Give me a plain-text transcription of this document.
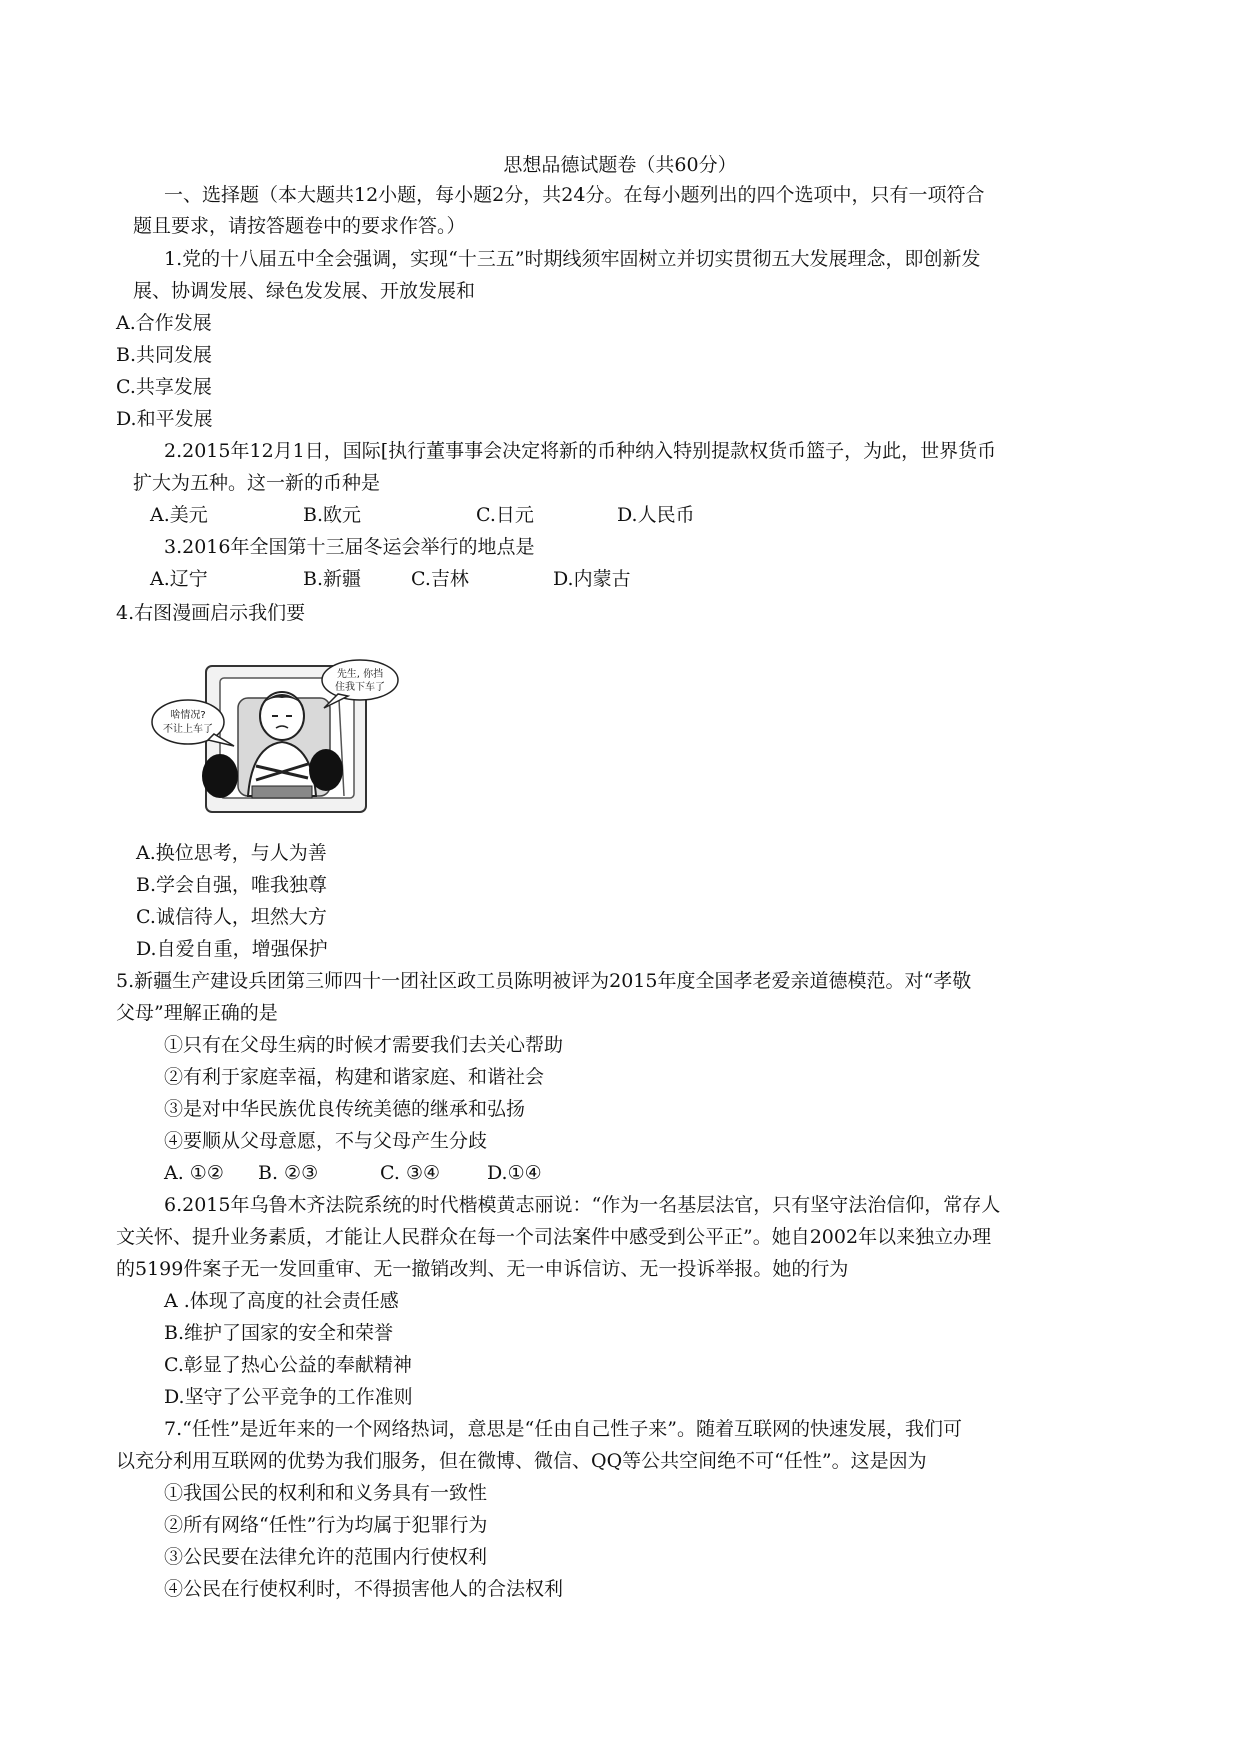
思想品德试题卷（共60分）
一、选择题（本大题共12小题，每小题2分，共24分。在每小题列出的四个选项中，只有一项符合
题且要求，请按答题卷中的要求作答。）
1.党的十八届五中全会强调，实现“十三五”时期线须牢固树立并切实贯彻五大发展理念，即创新发
展、协调发展、绿色发发展、开放发展和
A.合作发展
B.共同发展
C.共享发展
D.和平发展
2.2015年12月1日，国际[执行董事事会决定将新的币种纳入特别提款权货币篮子，为此，世界货币
扩大为五种。这一新的币种是
A.美元	B.欧元	C.日元	D.人民币
3.2016年全国第十三届冬运会举行的地点是
A.辽宁	B.新疆	C.吉林	D.内蒙古
4.右图漫画启示我们要
啥情况?
不让上车了
先生, 你挡
住我下车了
A.换位思考，与人为善
B.学会自强，唯我独尊
C.诚信待人，坦然大方
D.自爱自重，增强保护
5.新疆生产建设兵团第三师四十一团社区政工员陈明被评为2015年度全国孝老爱亲道德模范。对“孝敬
父母”理解正确的是
①只有在父母生病的时候才需要我们去关心帮助
②有利于家庭幸福，构建和谐家庭、和谐社会
③是对中华民族优良传统美德的继承和弘扬
④要顺从父母意愿，不与父母产生分歧
A. ①② B. ②③	C. ③④ D.①④
6.2015年乌鲁木齐法院系统的时代楷模黄志丽说：“作为一名基层法官，只有坚守法治信仰，常存人
文关怀、提升业务素质，才能让人民群众在每一个司法案件中感受到公平正”。她自2002年以来独立办理
的5199件案子无一发回重审、无一撤销改判、无一申诉信访、无一投诉举报。她的行为
A .体现了高度的社会责任感
B.维护了国家的安全和荣誉
C.彰显了热心公益的奉献精神
D.坚守了公平竞争的工作准则
7.“任性”是近年来的一个网络热词，意思是“任由自己性子来”。随着互联网的快速发展，我们可
以充分利用互联网的优势为我们服务，但在微博、微信、QQ等公共空间绝不可“任性”。这是因为
①我国公民的权利和和义务具有一致性
②所有网络“任性”行为均属于犯罪行为
③公民要在法律允许的范围内行使权利
④公民在行使权利时，不得损害他人的合法权利
